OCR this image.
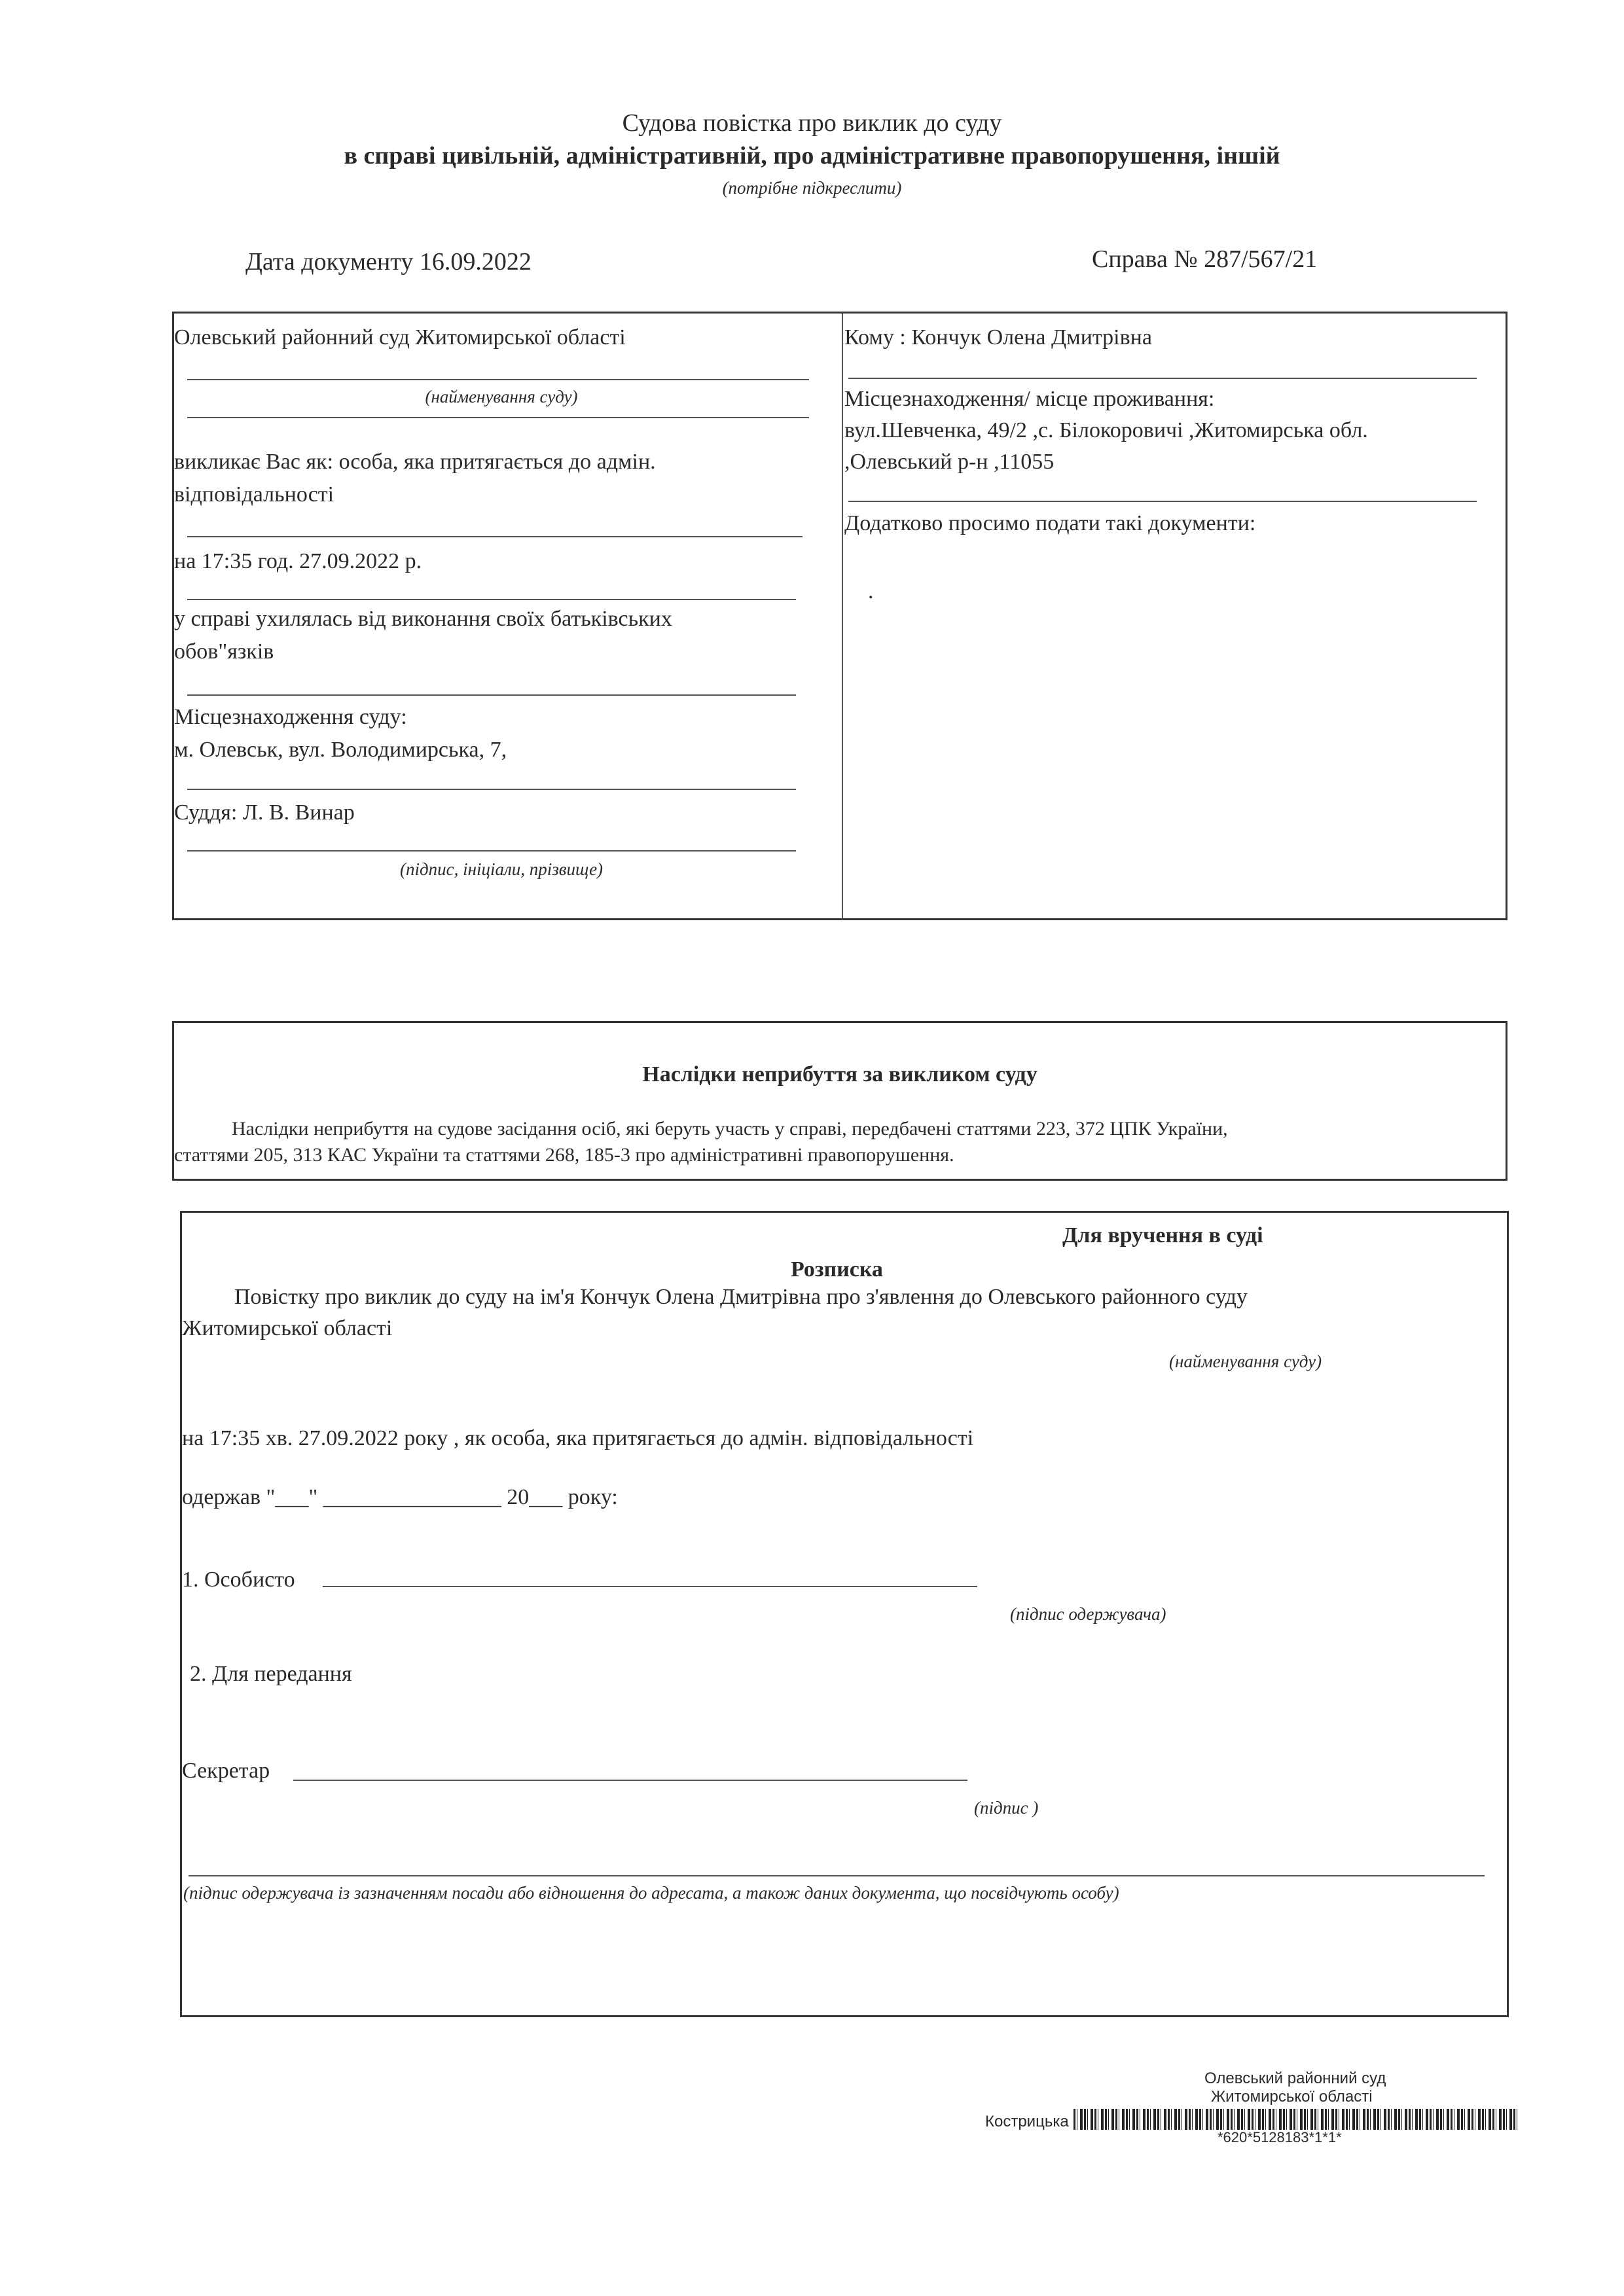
Судова повістка про виклик до суду
в справі цивільній, адміністративній, про адміністративне правопорушення, іншій
(потрібне підкреслити)
Дата документу 16.09.2022	Справа № 287/567/21
Олевський районний суд Житомирської області
(найменування суду)
викликає Вас як: особа, яка притягається до адмін.
відповідальності
на 17:35 год. 27.09.2022 р.
у справі ухилялась від виконання своїх батьківських
обов"язків
Місцезнаходження суду:
м. Олевськ, вул. Володимирська, 7,
Суддя: Л. В. Винар
(підпис, ініціали, прізвище)
Кому : Кончук Олена Дмитрівна
Місцезнаходження/ місце проживання:
вул.Шевченка, 49/2 ,с. Білокоровичі ,Житомирська обл.
,Олевський р-н ,11055
Додатково просимо подати такі документи:
.
Наслідки неприбуття за викликом суду
Наслідки неприбуття на судове засідання осіб, які беруть участь у справі, передбачені статтями 223, 372 ЦПК України,
статтями 205, 313 КАС України та статтями 268, 185-3 про адміністративні правопорушення.
Для вручення в суді
Розписка
Повістку про виклик до суду на ім'я Кончук Олена Дмитрівна про з'явлення до Олевського районного суду
Житомирської області
(найменування суду)
на 17:35 хв. 27.09.2022 року , як особа, яка притягається до адмін. відповідальності
одержав "___" ________________ 20___ року:
1. Особисто
(підпис одержувача)
2. Для передання
Секретар
(підпис )
(підпис одержувача із зазначенням посади або відношення до адресата, а також даних документа, що посвідчують особу)
Олевський районний суд
Житомирської області
Кострицька
*620*5128183*1*1*
